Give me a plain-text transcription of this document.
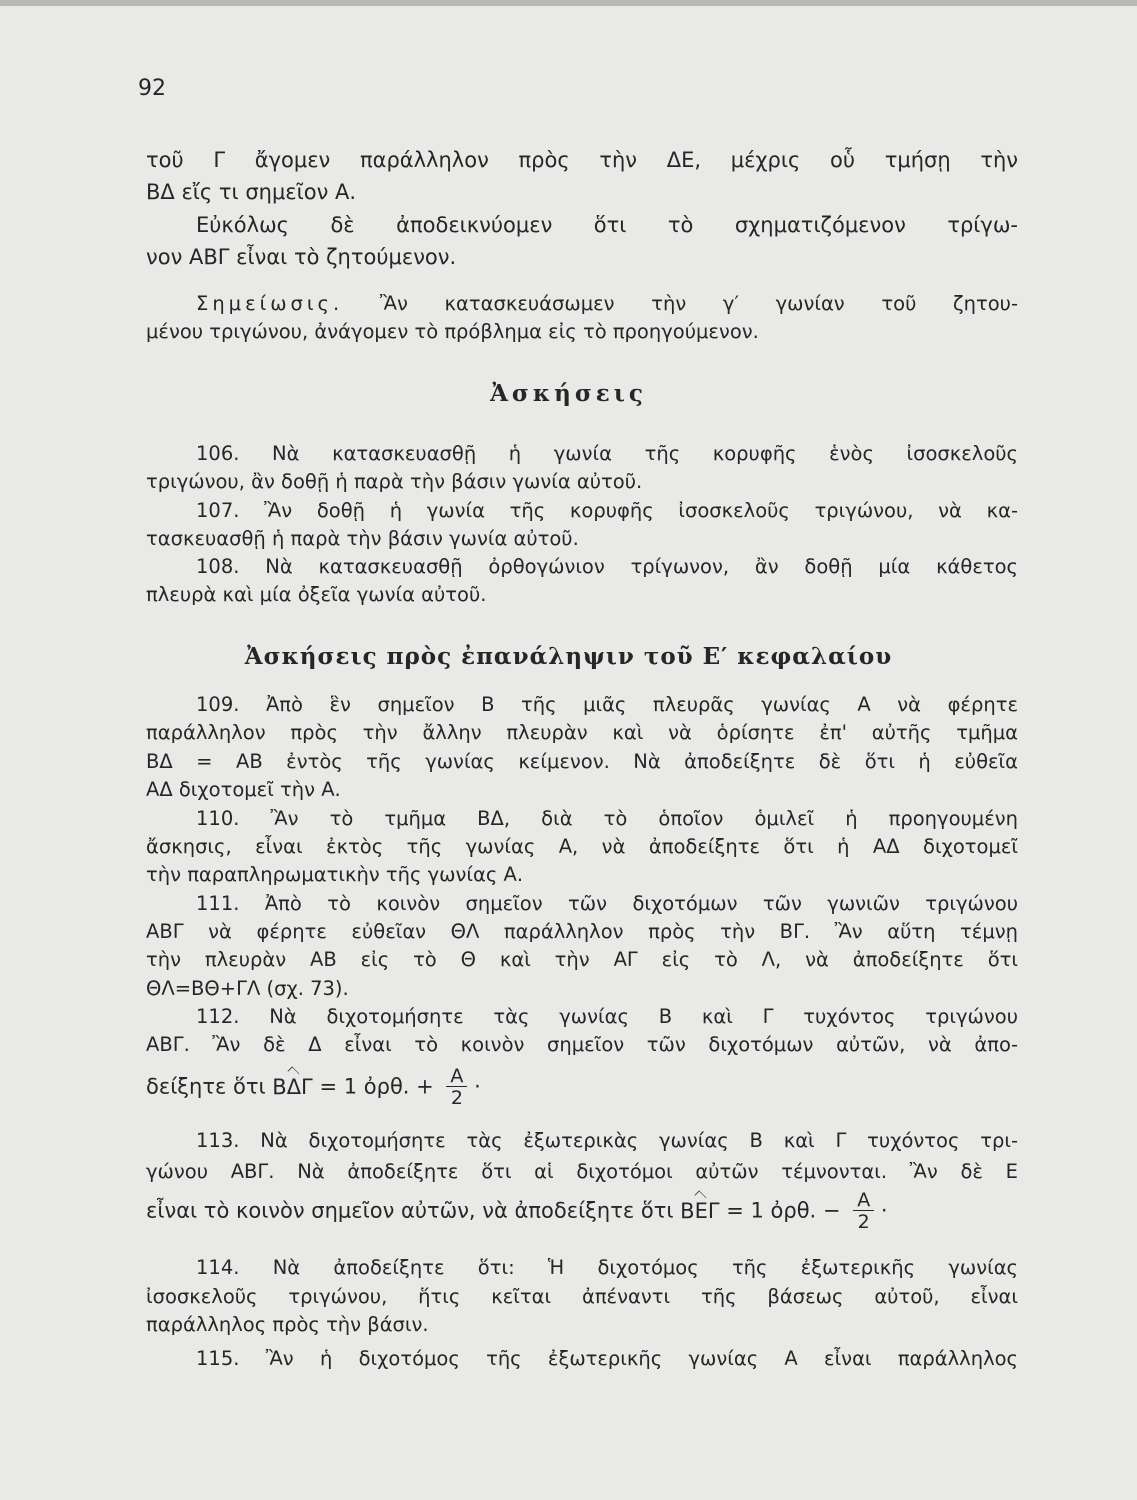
92
τοῦ Γ ἄγομεν παράλληλον πρὸς τὴν ΔΕ, μέχρις οὗ τμήσῃ τὴν
ΒΔ εἴς τι σημεῖον Α.
Εὐκόλως δὲ ἀποδεικνύομεν ὅτι τὸ σχηματιζόμενον τρίγω-
νον ΑΒΓ εἶναι τὸ ζητούμενον.
Σημείωσις. Ἂν κατασκευάσωμεν τὴν γ′ γωνίαν τοῦ ζητου-
μένου τριγώνου, ἀνάγομεν τὸ πρόβλημα εἰς τὸ προηγούμενον.
Ἀσκήσεις
106. Νὰ κατασκευασθῇ ἡ γωνία τῆς κορυφῆς ἑνὸς ἰσοσκελοῦς
τριγώνου, ἂν δοθῇ ἡ παρὰ τὴν βάσιν γωνία αὐτοῦ.
107. Ἂν δοθῇ ἡ γωνία τῆς κορυφῆς ἰσοσκελοῦς τριγώνου, νὰ κα-
τασκευασθῇ ἡ παρὰ τὴν βάσιν γωνία αὐτοῦ.
108. Νὰ κατασκευασθῇ ὀρθογώνιον τρίγωνον, ἂν δοθῇ μία κάθετος
πλευρὰ καὶ μία ὀξεῖα γωνία αὐτοῦ.
Ἀσκήσεις πρὸς ἐπανάληψιν τοῦ Ε′ κεφαλαίου
109. Ἀπὸ ἓν σημεῖον Β τῆς μιᾶς πλευρᾶς γωνίας Α νὰ φέρητε
παράλληλον πρὸς τὴν ἄλλην πλευρὰν καὶ νὰ ὁρίσητε ἐπ' αὐτῆς τμῆμα
ΒΔ = ΑΒ ἐντὸς τῆς γωνίας κείμενον. Νὰ ἀποδείξητε δὲ ὅτι ἡ εὐθεῖα
ΑΔ διχοτομεῖ τὴν Α.
110. Ἂν τὸ τμῆμα ΒΔ, διὰ τὸ ὁποῖον ὁμιλεῖ ἡ προηγουμένη
ἄσκησις, εἶναι ἐκτὸς τῆς γωνίας Α, νὰ ἀποδείξητε ὅτι ἡ ΑΔ διχοτομεῖ
τὴν παραπληρωματικὴν τῆς γωνίας Α.
111. Ἀπὸ τὸ κοινὸν σημεῖον τῶν διχοτόμων τῶν γωνιῶν τριγώνου
ΑΒΓ νὰ φέρητε εὐθεῖαν ΘΛ παράλληλον πρὸς τὴν ΒΓ. Ἂν αὕτη τέμνῃ
τὴν πλευρὰν ΑΒ εἰς τὸ Θ καὶ τὴν ΑΓ εἰς τὸ Λ, νὰ ἀποδείξητε ὅτι
ΘΛ=ΒΘ+ΓΛ (σχ. 73).
112. Νὰ διχοτομήσητε τὰς γωνίας Β καὶ Γ τυχόντος τριγώνου
ΑΒΓ. Ἂν δὲ Δ εἶναι τὸ κοινὸν σημεῖον τῶν διχοτόμων αὐτῶν, νὰ ἀπο-
δείξητε ὅτι ΒΔΓ = 1 ὀρθ. + $\frac{A}{2}$ ·
113. Νὰ διχοτομήσητε τὰς ἐξωτερικὰς γωνίας Β καὶ Γ τυχόντος τρι-
γώνου ΑΒΓ. Νὰ ἀποδείξητε ὅτι αἱ διχοτόμοι αὐτῶν τέμνονται. Ἂν δὲ Ε
εἶναι τὸ κοινὸν σημεῖον αὐτῶν, νὰ ἀποδείξητε ὅτι ΒΕΓ = 1 ὀρθ. − $\frac{A}{2}$ ·
114. Νὰ ἀποδείξητε ὅτι: Ἡ διχοτόμος τῆς ἐξωτερικῆς γωνίας
ἰσοσκελοῦς τριγώνου, ἥτις κεῖται ἀπέναντι τῆς βάσεως αὐτοῦ, εἶναι
παράλληλος πρὸς τὴν βάσιν.
115. Ἂν ἡ διχοτόμος τῆς ἐξωτερικῆς γωνίας Α εἶναι παράλληλος
